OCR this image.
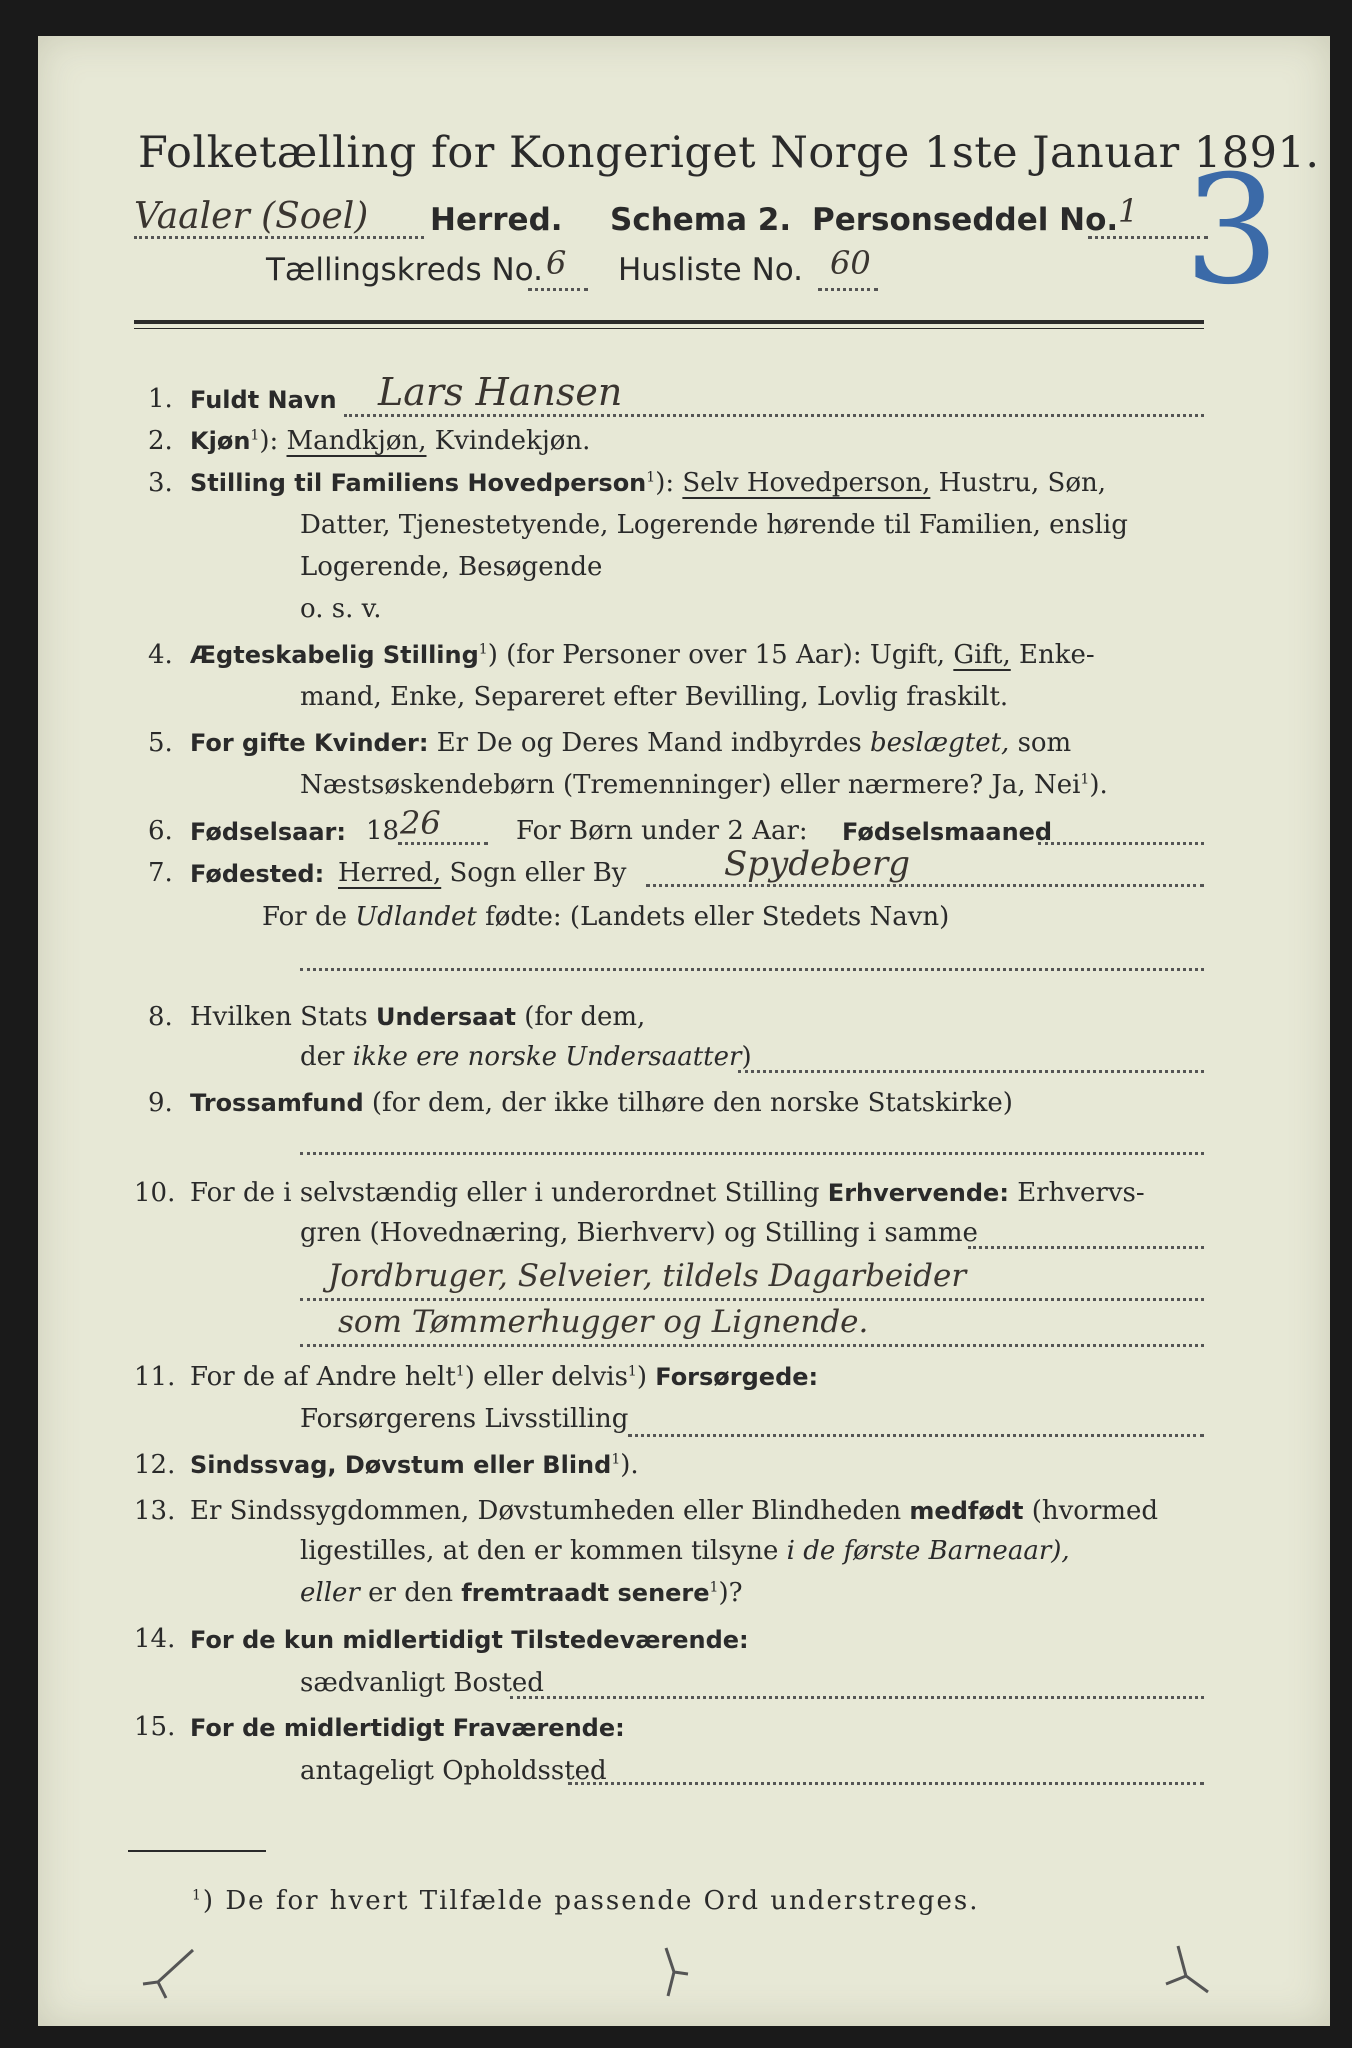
Folketælling for Kongeriget Norge 1ste Januar 1891.
Vaaler (Soel) Herred. Schema 2. Personseddel No. 1 3
Tællingskreds No. 6 Husliste No. 60
1. Fuldt Navn Lars Hansen
2. Kjøn$^1$): Mandkjøn, Kvindekjøn.
3. Stilling til Familiens Hovedperson$^1$): Selv Hovedperson, Hustru, Søn,
Datter, Tjenestetyende, Logerende hørende til Familien, enslig
Logerende, Besøgende
o. s. v.
4. Ægteskabelig Stilling$^1$) (for Personer over 15 Aar): Ugift, Gift, Enke-
mand, Enke, Separeret efter Bevilling, Lovlig fraskilt.
5. For gifte Kvinder: Er De og Deres Mand indbyrdes beslægtet, som
Næstsøskendebørn (Tremenninger) eller nærmere? Ja, Nei$^1$).
6. Fødselsaar: 18 26	For Børn under 2 Aar: Fødselsmaaned
7. Fødested: Herred, Sogn eller By	Spydeberg
For de Udlandet fødte: (Landets eller Stedets Navn)
8. Hvilken Stats Undersaat (for dem,
der ikke ere norske Undersaatter)
9. Trossamfund (for dem, der ikke tilhøre den norske Statskirke)
10. For de i selvstændig eller i underordnet Stilling Erhvervende: Erhvervs-
gren (Hovednæring, Bierhverv) og Stilling i samme
Jordbruger, Selveier, tildels Dagarbeider
som Tømmerhugger og Lignende.
11. For de af Andre helt$^1$) eller delvis$^1$) Forsørgede:
Forsørgerens Livsstilling
12. Sindssvag, Døvstum eller Blind$^1$).
13. Er Sindssygdommen, Døvstumheden eller Blindheden medfødt (hvormed
ligestilles, at den er kommen tilsyne i de første Barneaar),
eller er den fremtraadt senere$^1$)?
14. For de kun midlertidigt Tilstedeværende:
sædvanligt Bosted
15. For de midlertidigt Fraværende:
antageligt Opholdssted
$^1$) De for hvert Tilfælde passende Ord understreges.
